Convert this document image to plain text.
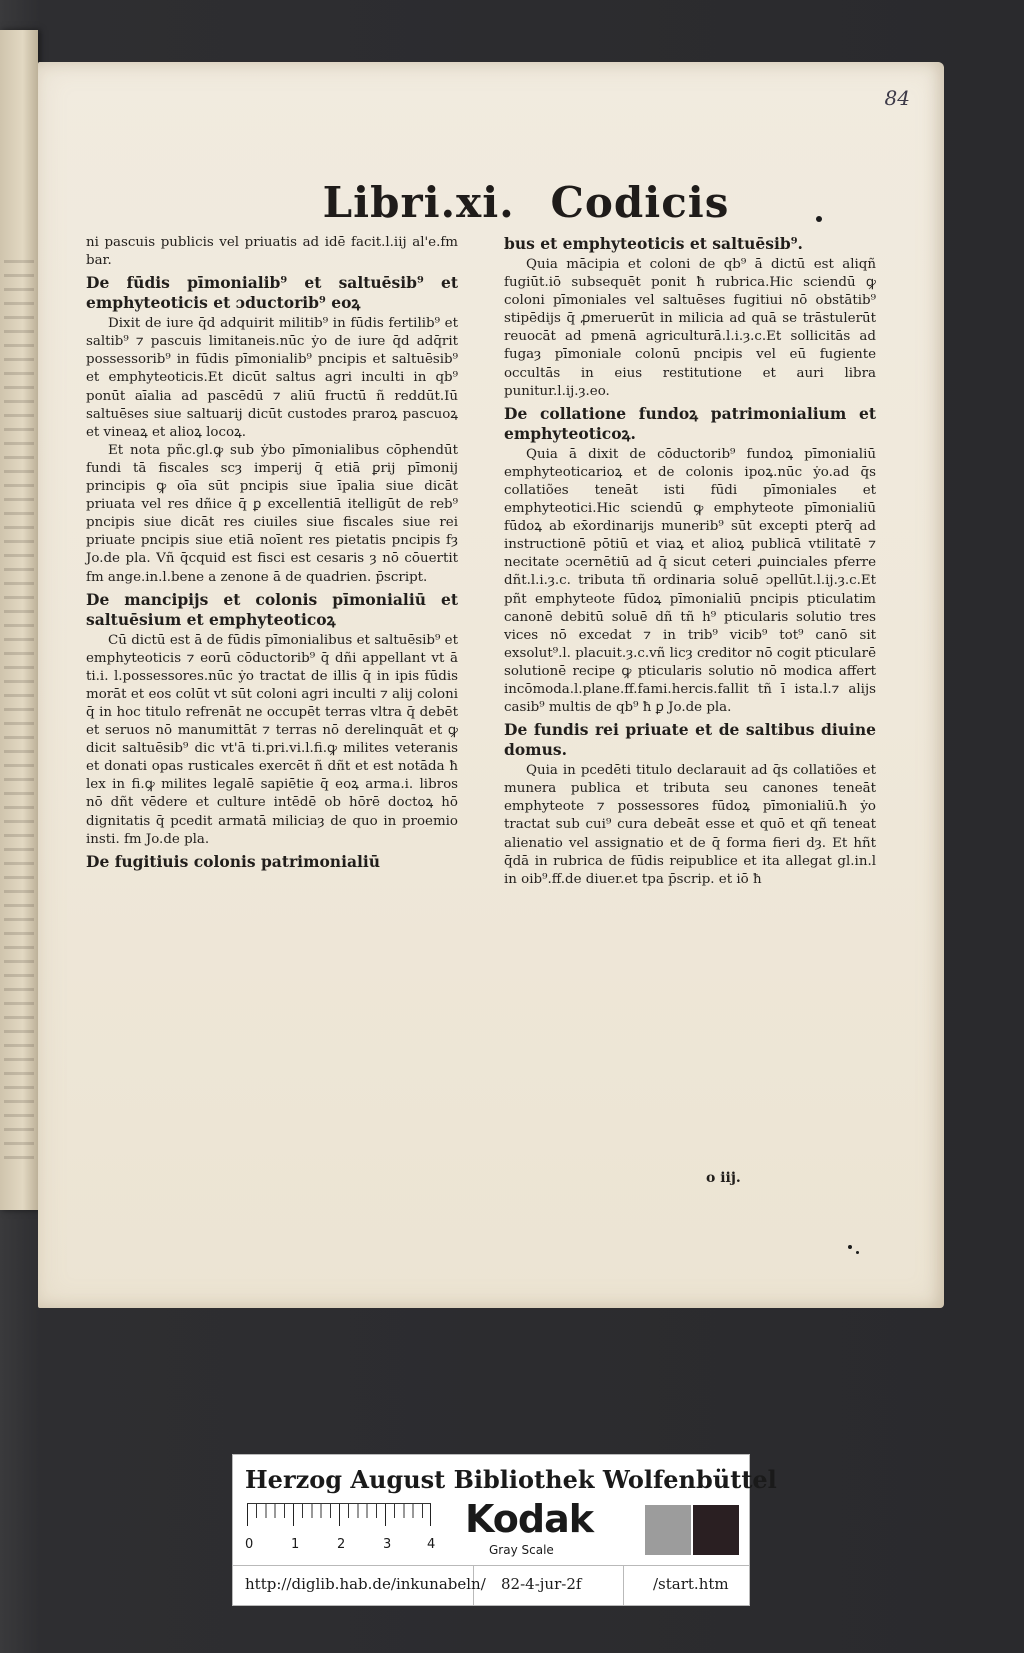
84
Libri.xi. Codicis

ni pascuis publicis vel priuatis ad idē facit.l.iij al'e.fm bar.

De fūdis pīmonialib⁹ et saltuēsib⁹ et emphyteoticis et ɔductorib⁹ eoꝝ

Dixit de iure q̄d adquirit militib⁹ in fūdis fertilib⁹ et saltib⁹ ⁊ pascuis limitaneis.nūc ẏo de iure q̄d adq̄rit possessorib⁹ in fūdis pīmonialib⁹ pncipis et saltuēsib⁹ et emphyteoticis.Et dicūt saltus agri inculti in qb⁹ ponūt aīalia ad pascēdū ⁊ aliū fructū ñ reddūt.Iū saltuēses siue saltuarij dicūt custodes praroꝝ pascuoꝝ et vineaꝝ et alioꝝ locoꝝ.

Et nota pñc.gl.ꝙ sub ẏbo pīmonialibus cōphendūt fundi tā fiscales scȝ imperij q̄ etiā ꝑrij pīmonij principis ꝙ oīa sūt pncipis siue īpalia siue dicāt priuata vel res dñice q̄ ꝑ excellentiā itelligūt de reb⁹ pncipis siue dicāt res ciuiles siue fiscales siue rei priuate pncipis siue etiā noīent res pietatis pncipis fȝ Jo.de pla. Vñ q̄cquid est fisci est cesaris ȝ nō cōuertit fm ange.in.l.bene a zenone ā de quadrien. p̄script.

De mancipijs et colonis pīmonialiū et saltuēsium et emphyteoticoꝝ

Cū dictū est ā de fūdis pīmonialibus et saltuēsib⁹ et emphyteoticis ⁊ eorū cōductorib⁹ q̄ dñi appellant vt ā ti.i. l.possessores.nūc ẏo tractat de illis q̄ in ipis fūdis morāt et eos colūt vt sūt coloni agri inculti ⁊ alij coloni q̄ in hoc titulo refrenāt ne occupēt terras vltra q̄ debēt et seruos nō manumittāt ⁊ terras nō derelinquāt et ꝙ dicit saltuēsib⁹ dic vt'ā ti.pri.vi.l.fi.ꝙ milites veteranis et donati opas rusticales exercēt ñ dñt et est notāda ħ lex in fi.ꝙ milites legalē sapiētie q̄ eoꝝ arma.i. libros nō dñt vēdere et culture intēdē ob hōrē doctoꝝ hō dignitatis q̄ pcedit armatā miliciaȝ de quo in proemio insti. fm Jo.de pla.

De fugitiuis colonis patrimonialiū

bus et emphyteoticis et saltuēsib⁹.

Quia mācipia et coloni de qb⁹ ā dictū est aliqñ fugiūt.iō subsequēt ponit ħ rubrica.Hic sciendū ꝙ coloni pīmoniales vel saltuēses fugitiui nō obstātib⁹ stipēdijs q̄ ꝓmeruerūt in milicia ad quā se trāstulerūt reuocāt ad pmenā agriculturā.l.i.ȝ.c.Et sollicitās ad fugaȝ pīmoniale colonū pncipis vel eū fugiente occultās in eius restitutione et auri libra punitur.l.ij.ȝ.eo.

De collatione fundoꝝ patrimonialium et emphyteoticoꝝ.

Quia ā dixit de cōductorib⁹ fundoꝝ pīmonialiū emphyteoticarioꝝ et de colonis ipoꝝ.nūc ẏo.ad q̄s collatiões teneāt isti fūdi pīmoniales et emphyteotici.Hic sciendū ꝙ emphyteote pīmonialiū fūdoꝝ ab ex̄ordinarijs munerib⁹ sūt excepti pterq̄ ad instructionē pōtiū et viaꝝ et alioꝝ publicā vtilitatē ⁊ necitate ɔcernētiū ad q̄ sicut ceteri ꝓuinciales pferre dñt.l.i.ȝ.c. tributa tñ ordinaria soluē ɔpellūt.l.ij.ȝ.c.Et pñt emphyteote fūdoꝝ pīmonialiū pncipis pticulatim canonē debitū soluē dñ tñ h⁹ pticularis solutio tres vices nō excedat ⁊ in trib⁹ vicib⁹ tot⁹ canō sit exsolut⁹.l. placuit.ȝ.c.vñ licȝ creditor nō cogit pticularē solutionē recipe ꝙ pticularis solutio nō modica affert incōmoda.l.plane.ff.fami.hercis.fallit tñ ī ista.l.⁊ alijs casib⁹ multis de qb⁹ ħ ꝑ Jo.de pla.

De fundis rei priuate et de saltibus diuine domus.

Quia in pcedēti titulo declarauit ad q̄s collatiões et munera publica et tributa seu canones teneāt emphyteote ⁊ possessores fūdoꝝ pīmonialiū.ħ ẏo tractat sub cui⁹ cura debeāt esse et quō et qñ teneat alienatio vel assignatio et de q̄ forma fieri dȝ. Et hñt q̄dā in rubrica de fūdis reipublice et ita allegat gl.in.l in oib⁹.ff.de diuer.et tpa p̄scrip. et iō ħ

o iij.
Herzog August Bibliothek Wolfenbüttel
0	1	2	3	4
Kodak
Gray Scale
http://diglib.hab.de/inkunabeln/ 82-4-jur-2f	/start.htm
